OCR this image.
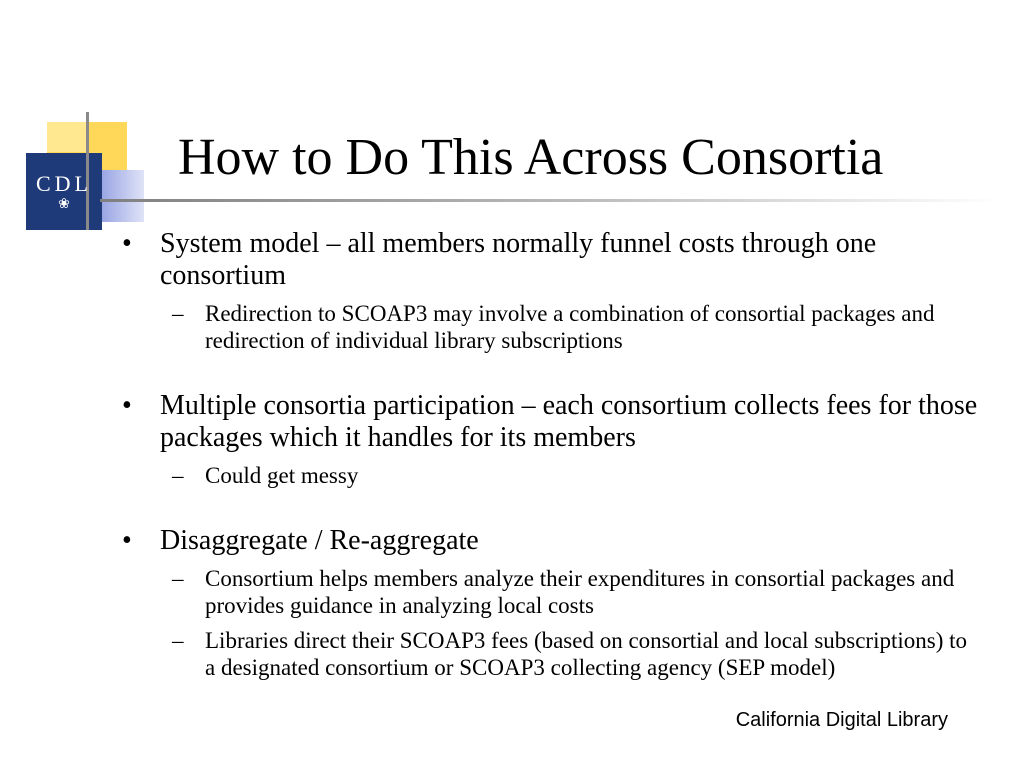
CDL
❀
How to Do This Across Consortia
•	System model – all members normally funnel costs through one consortium
– Redirection to SCOAP3 may involve a combination of consortial packages and redirection of individual library subscriptions
•	Multiple consortia participation – each consortium collects fees for those packages which it handles for its members
– Could get messy
•	Disaggregate / Re-aggregate
– Consortium helps members analyze their expenditures in consortial packages and provides guidance in analyzing local costs
– Libraries direct their SCOAP3 fees (based on consortial and local subscriptions) to a designated consortium or SCOAP3 collecting agency (SEP model)
California Digital Library
